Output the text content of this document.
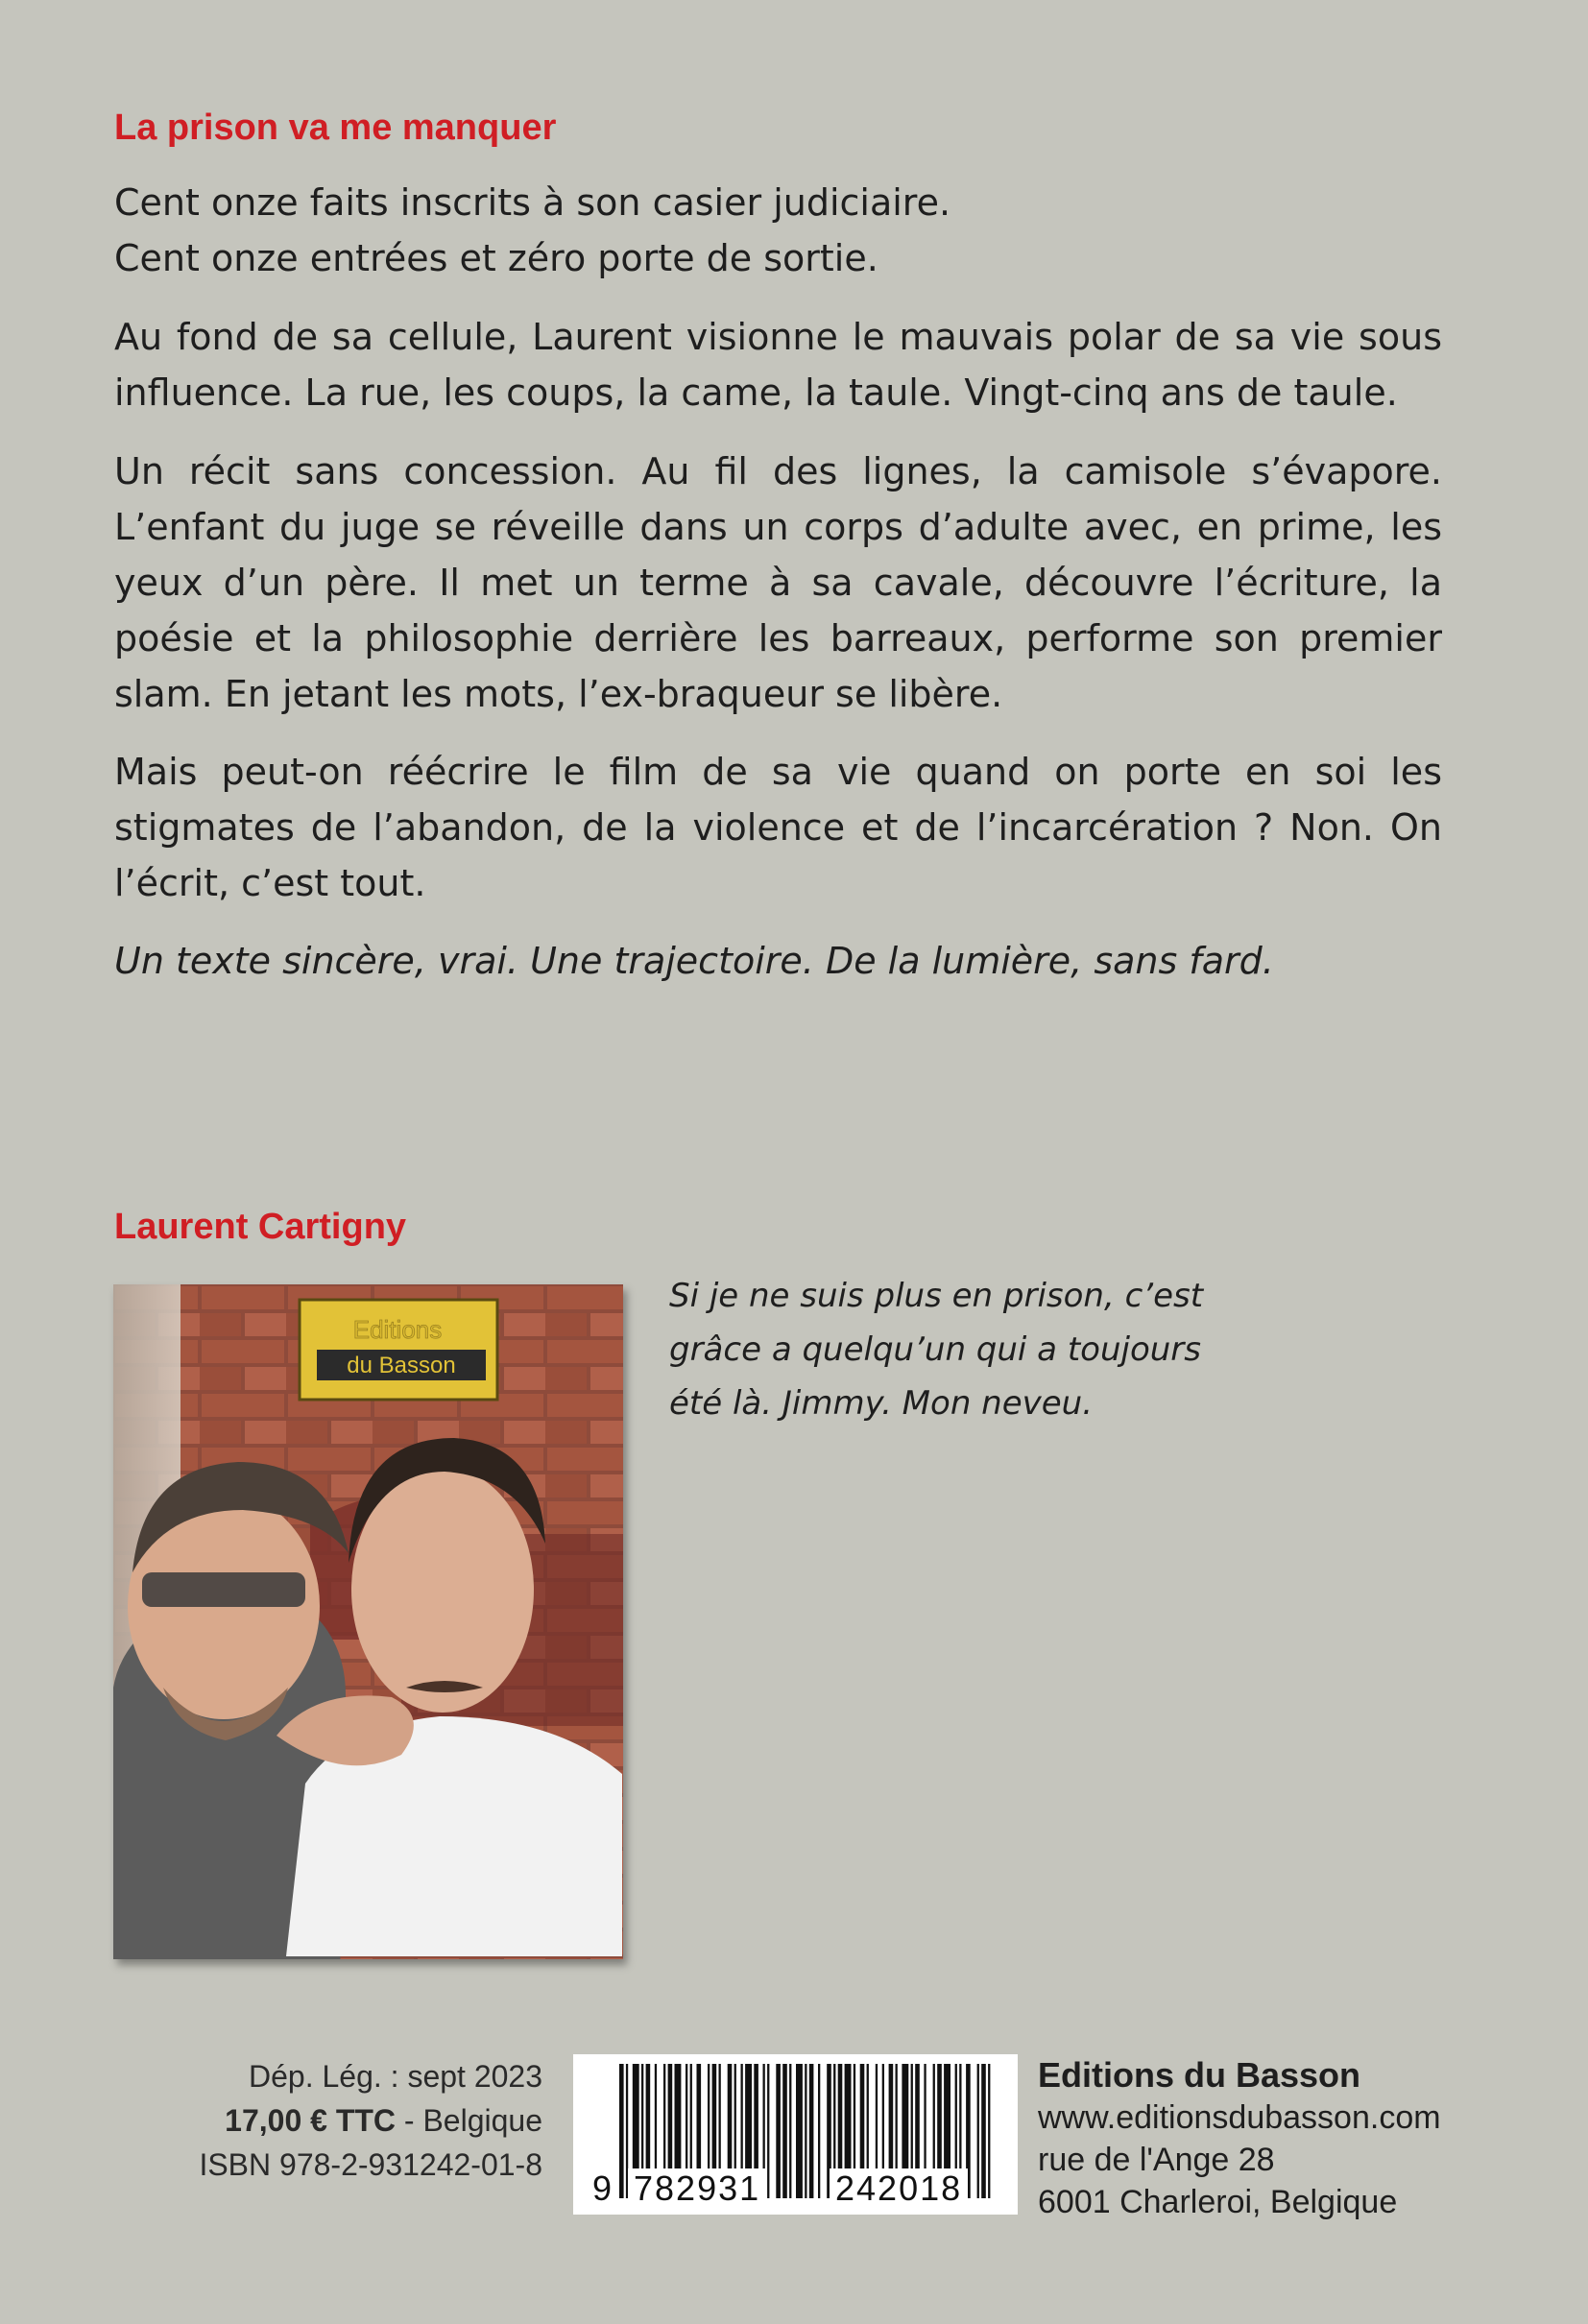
La prison va me manquer

Cent onze faits inscrits à son casier judiciaire.

Cent onze entrées et zéro porte de sortie.

Au fond de sa cellule, Laurent visionne le mauvais polar de sa vie sous influence. La rue, les coups, la came, la taule. Vingt-cinq ans de taule.

Un récit sans concession. Au fil des lignes, la camisole s’évapore. L’enfant du juge se réveille dans un corps d’adulte avec, en prime, les yeux d’un père. Il met un terme à sa cavale, découvre l’écriture, la poésie et la philosophie derrière les barreaux, performe son premier slam. En jetant les mots, l’ex-braqueur se libère.

Mais peut-on réécrire le film de sa vie quand on porte en soi les stigmates de l’abandon, de la violence et de l’incarcération ? Non. On l’écrit, c’est tout.

Un texte sincère, vrai. Une trajectoire. De la lumière, sans fard.

Laurent Cartigny
Editions
du Basson
Si je ne suis plus en prison, c’est
grâce a quelqu’un qui a toujours
été là. Jimmy. Mon neveu.
Dép. Lég. : sept 2023
17,00 € TTC - Belgique
ISBN 978-2-931242-01-8
9 782931 242018
Editions du Basson
www.editionsdubasson.com
rue de l'Ange 28
6001 Charleroi, Belgique
